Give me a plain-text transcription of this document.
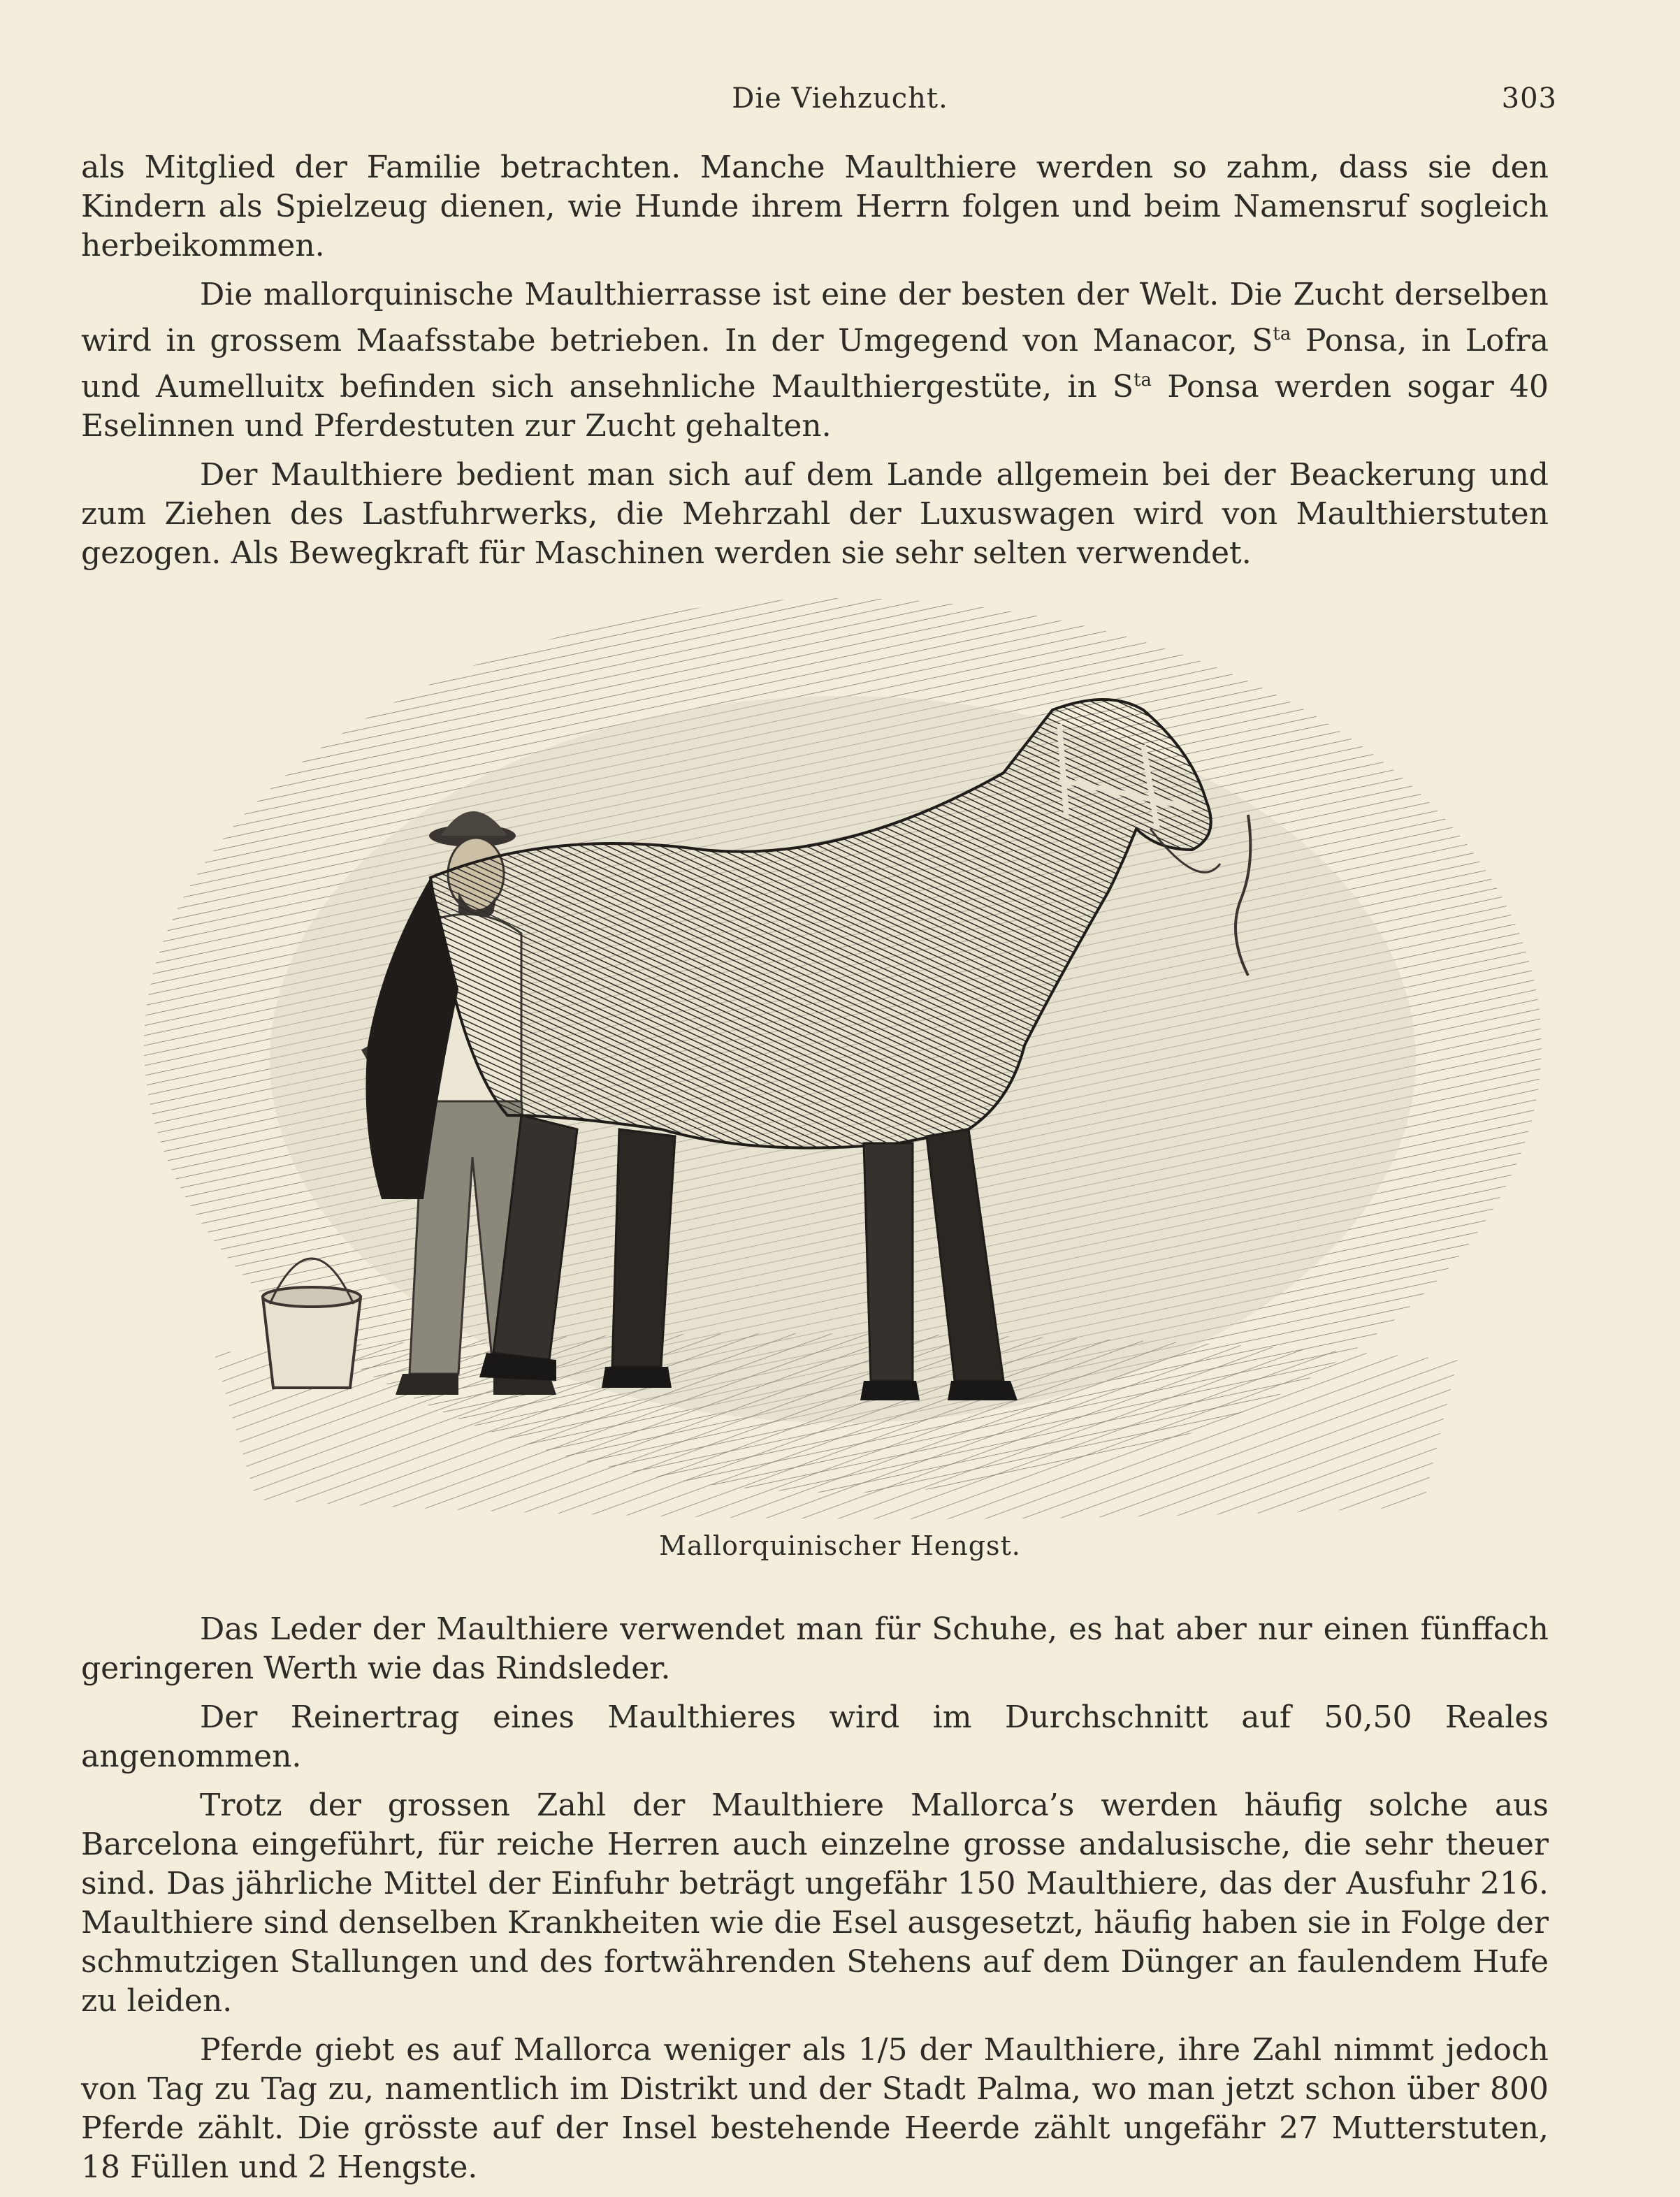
Die Viehzucht.	303

als Mitglied der Familie betrachten. Manche Maulthiere werden so zahm, dass sie den Kindern als Spielzeug dienen, wie Hunde ihrem Herrn folgen und beim Namensruf sogleich herbeikommen.

Die mallorquinische Maulthierrasse ist eine der besten der Welt. Die Zucht derselben wird in grossem Maafsstabe betrieben. In der Umgegend von Manacor, $S^{ta}$ Ponsa, in Lofra und Aumelluitx befinden sich ansehnliche Maulthiergestüte, in $S^{ta}$ Ponsa werden sogar 40 Eselinnen und Pferdestuten zur Zucht gehalten.

Der Maulthiere bedient man sich auf dem Lande allgemein bei der Beackerung und zum Ziehen des Lastfuhrwerks, die Mehrzahl der Luxuswagen wird von Maulthierstuten gezogen. Als Bewegkraft für Maschinen werden sie sehr selten verwendet.

Mallorquinischer Hengst.

Das Leder der Maulthiere verwendet man für Schuhe, es hat aber nur einen fünffach geringeren Werth wie das Rindsleder.

Der Reinertrag eines Maulthieres wird im Durchschnitt auf 50,50 Reales angenommen.

Trotz der grossen Zahl der Maulthiere Mallorca’s werden häufig solche aus Barcelona eingeführt, für reiche Herren auch einzelne grosse andalusische, die sehr theuer sind. Das jährliche Mittel der Einfuhr beträgt ungefähr 150 Maulthiere, das der Ausfuhr 216. Maulthiere sind denselben Krankheiten wie die Esel ausgesetzt, häufig haben sie in Folge der schmutzigen Stallungen und des fortwährenden Stehens auf dem Dünger an faulendem Hufe zu leiden.

Pferde giebt es auf Mallorca weniger als 1/5 der Maulthiere, ihre Zahl nimmt jedoch von Tag zu Tag zu, namentlich im Distrikt und der Stadt Palma, wo man jetzt schon über 800 Pferde zählt. Die grösste auf der Insel bestehende Heerde zählt ungefähr 27 Mutterstuten, 18 Füllen und 2 Hengste.
